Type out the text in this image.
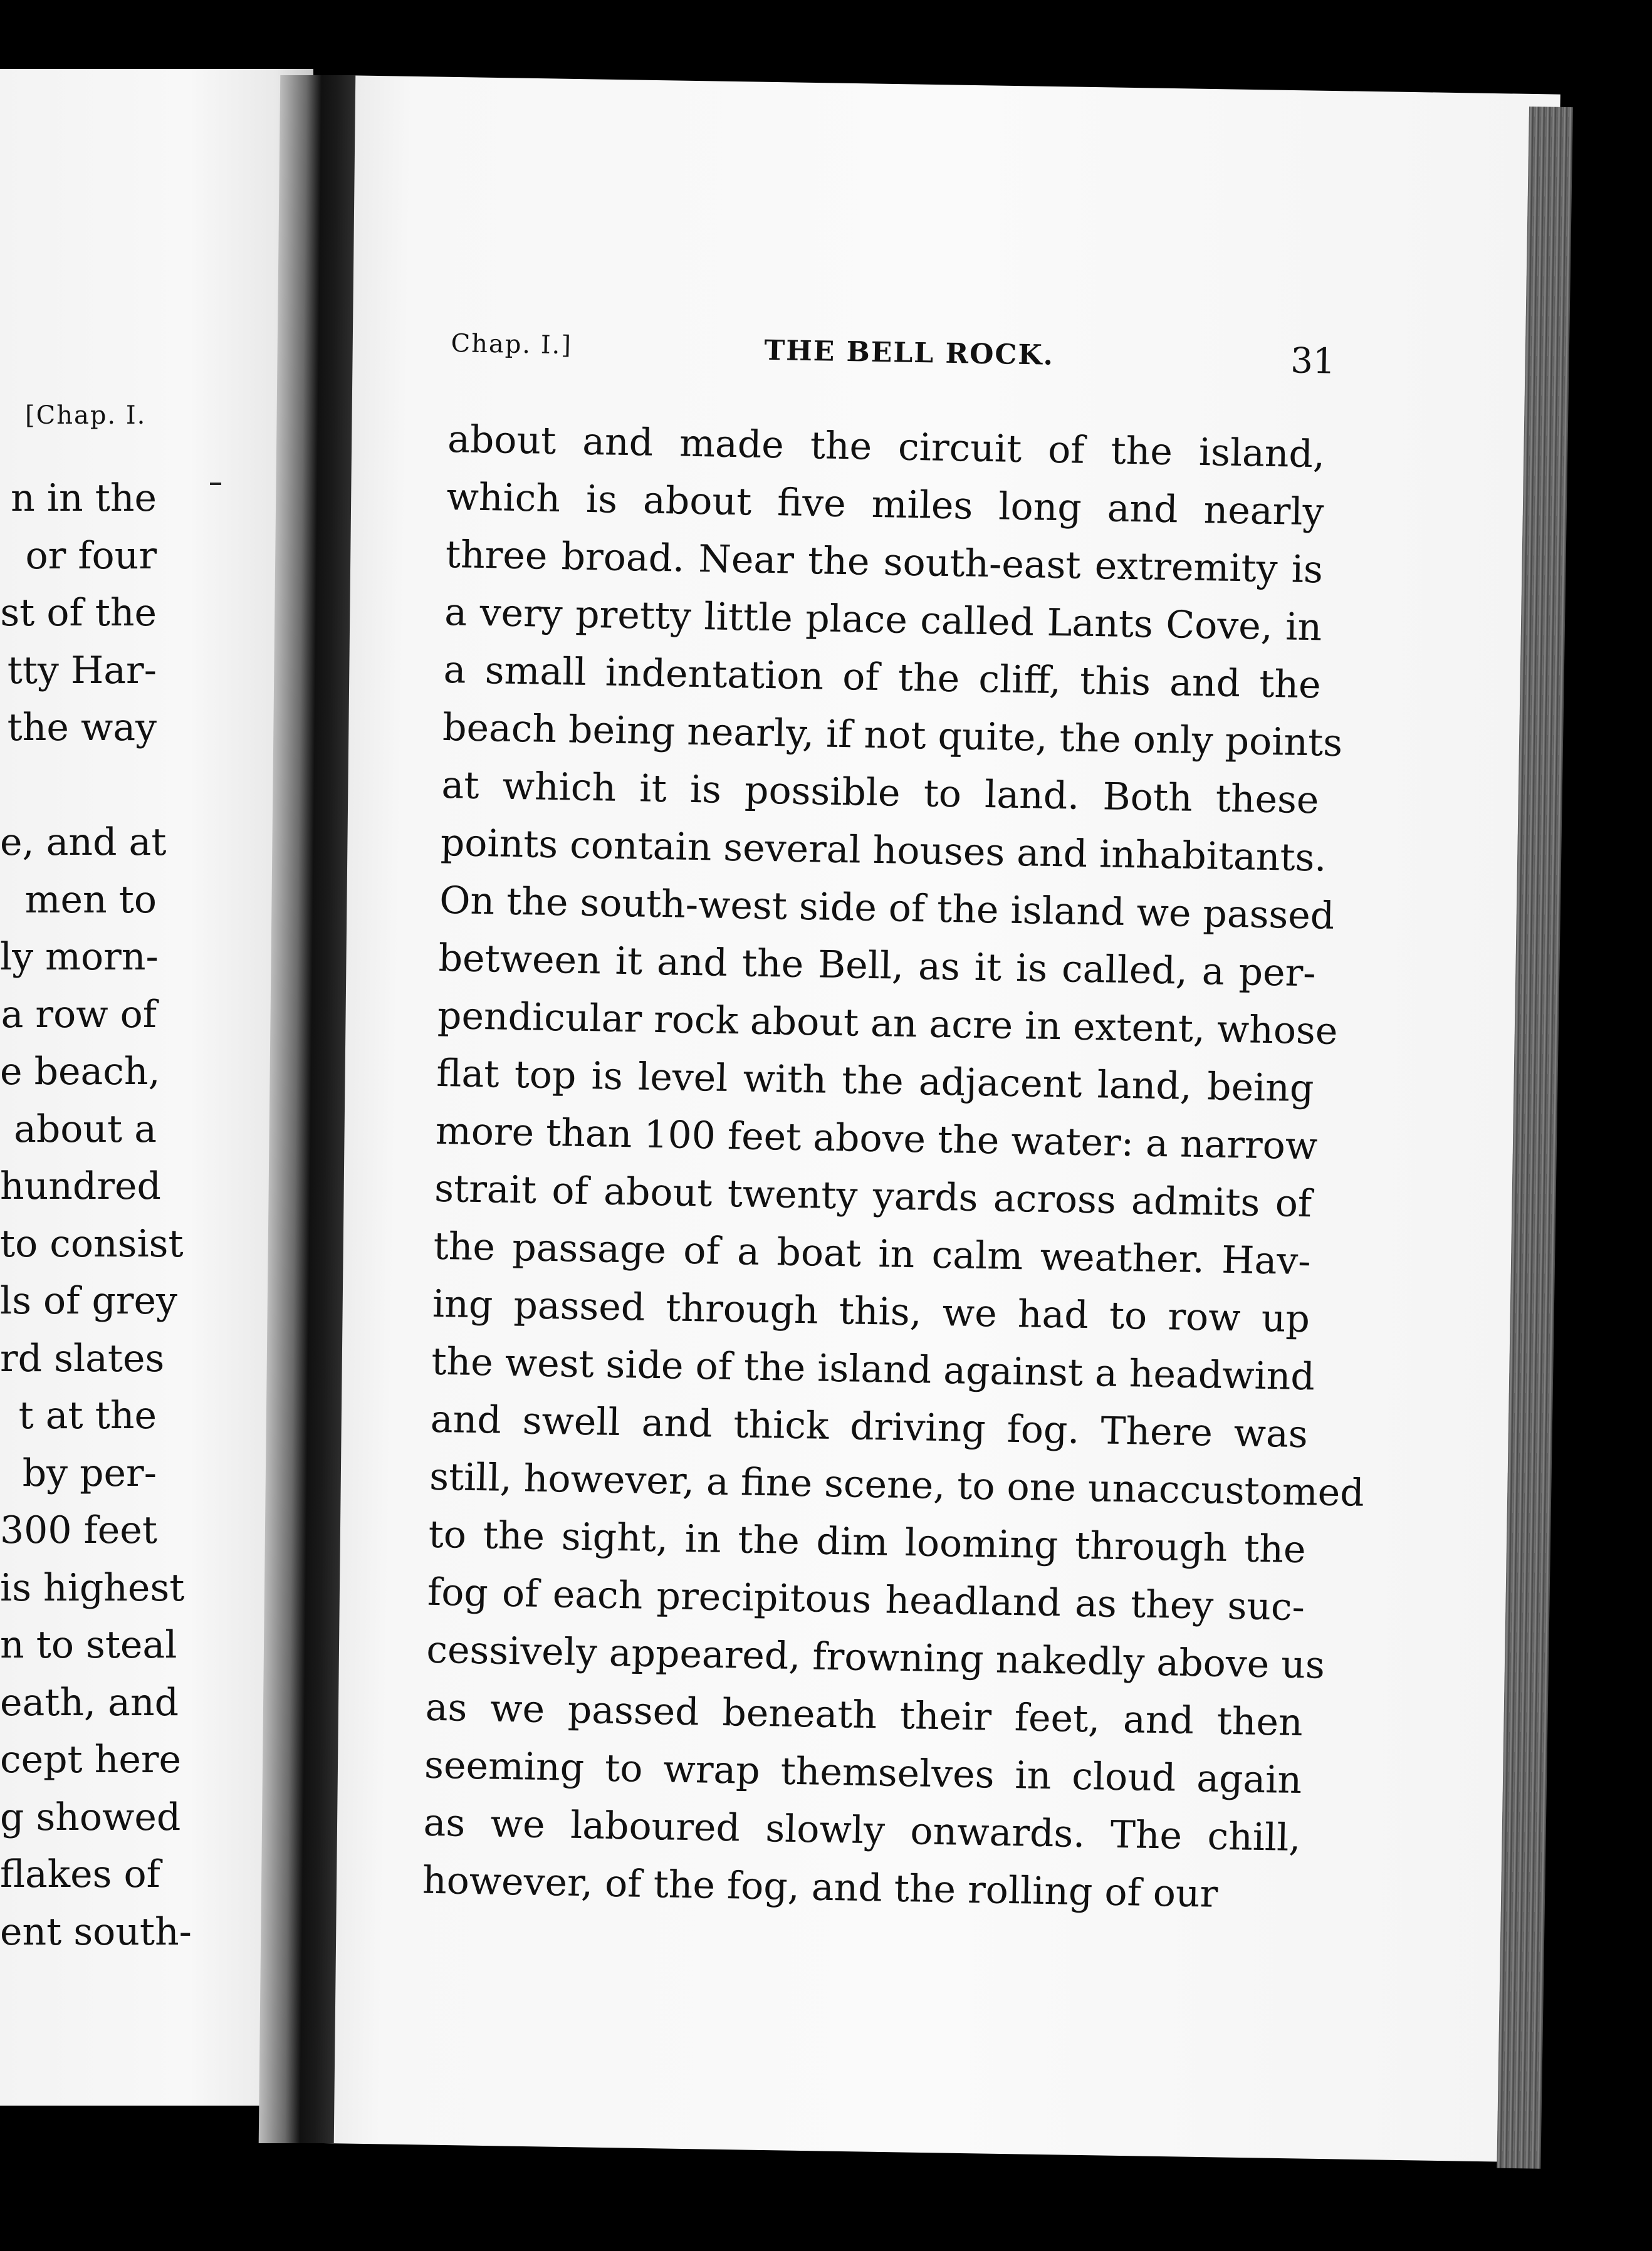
[Chap. I.
n in the
or four
st of the
tty Har-
the way
e, and at
men to
ly morn-
a row of
e beach,
about a
hundred
to consist
ls of grey
rd slates
t at the
by per-
300 feet
is highest
n to steal
eath, and
cept here
g showed
flakes of
ent south-
Chap. I.]	THE BELL ROCK.	31
about and made the circuit of the island,
which is about five miles long and nearly
three broad. Near the south-east extremity is
a very pretty little place called Lants Cove, in
a small indentation of the cliff, this and the
beach being nearly, if not quite, the only points
at which it is possible to land. Both these
points contain several houses and inhabitants.
On the south-west side of the island we passed
between it and the Bell, as it is called, a per-
pendicular rock about an acre in extent, whose
flat top is level with the adjacent land, being
more than 100 feet above the water: a narrow
strait of about twenty yards across admits of
the passage of a boat in calm weather. Hav-
ing passed through this, we had to row up
the west side of the island against a headwind
and swell and thick driving fog. There was
still, however, a fine scene, to one unaccustomed
to the sight, in the dim looming through the
fog of each precipitous headland as they suc-
cessively appeared, frowning nakedly above us
as we passed beneath their feet, and then
seeming to wrap themselves in cloud again
as we laboured slowly onwards. The chill,
however, of the fog, and the rolling of our
